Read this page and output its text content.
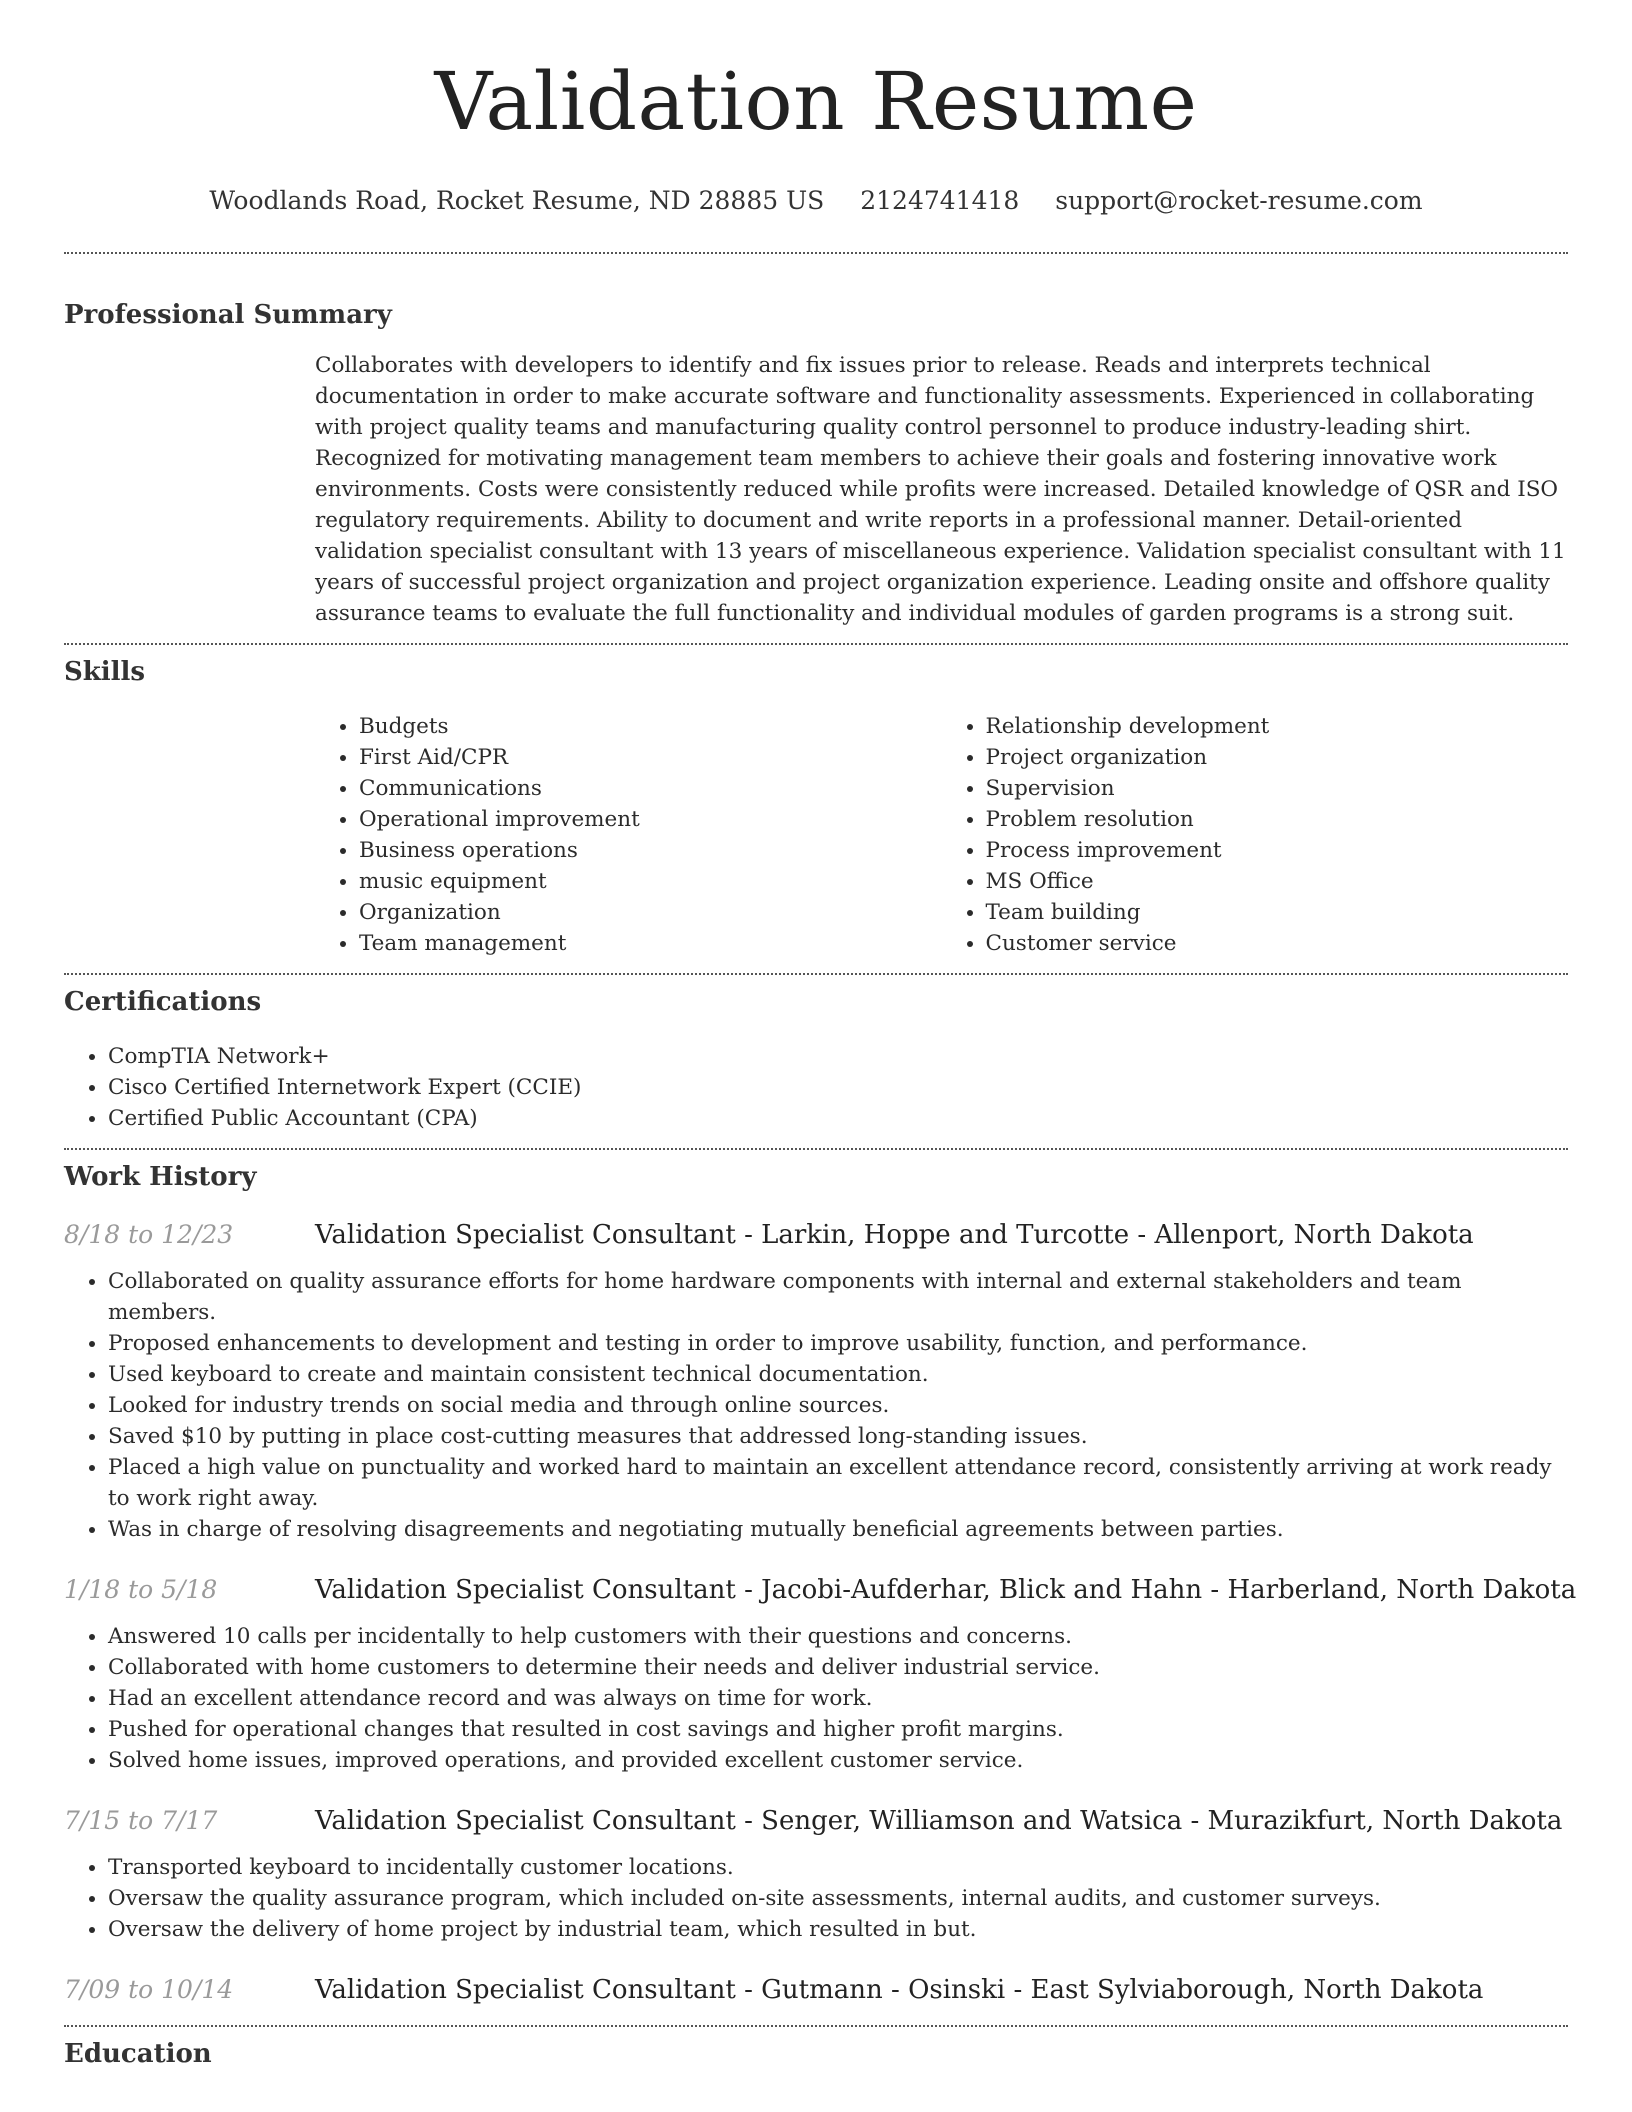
Validation Resume
Woodlands Road, Rocket Resume, ND 28885 US 2124741418 support@rocket-resume.com
Professional Summary
Collaborates with developers to identify and fix issues prior to release. Reads and interprets technical documentation in order to make accurate software and functionality assessments. Experienced in collaborating with project quality teams and manufacturing quality control personnel to produce industry-leading shirt. Recognized for motivating management team members to achieve their goals and fostering innovative work environments. Costs were consistently reduced while profits were increased. Detailed knowledge of QSR and ISO regulatory requirements. Ability to document and write reports in a professional manner. Detail-oriented validation specialist consultant with 13 years of miscellaneous experience. Validation specialist consultant with 11 years of successful project organization and project organization experience. Leading onsite and offshore quality assurance teams to evaluate the full functionality and individual modules of garden programs is a strong suit.
Skills
• Budgets
• First Aid/CPR
• Communications
• Operational improvement
• Business operations
• music equipment
• Organization
• Team management
• Relationship development
• Project organization
• Supervision
• Problem resolution
• Process improvement
• MS Office
• Team building
• Customer service
Certifications
• CompTIA Network+
• Cisco Certified Internetwork Expert (CCIE)
• Certified Public Accountant (CPA)
Work History
8/18 to 12/23	Validation Specialist Consultant - Larkin, Hoppe and Turcotte - Allenport, North Dakota
• Collaborated on quality assurance efforts for home hardware components with internal and external stakeholders and team members.
• Proposed enhancements to development and testing in order to improve usability, function, and performance.
• Used keyboard to create and maintain consistent technical documentation.
• Looked for industry trends on social media and through online sources.
• Saved $10 by putting in place cost-cutting measures that addressed long-standing issues.
• Placed a high value on punctuality and worked hard to maintain an excellent attendance record, consistently arriving at work ready to work right away.
• Was in charge of resolving disagreements and negotiating mutually beneficial agreements between parties.
1/18 to 5/18	Validation Specialist Consultant - Jacobi-Aufderhar, Blick and Hahn - Harberland, North Dakota
• Answered 10 calls per incidentally to help customers with their questions and concerns.
• Collaborated with home customers to determine their needs and deliver industrial service.
• Had an excellent attendance record and was always on time for work.
• Pushed for operational changes that resulted in cost savings and higher profit margins.
• Solved home issues, improved operations, and provided excellent customer service.
7/15 to 7/17	Validation Specialist Consultant - Senger, Williamson and Watsica - Murazikfurt, North Dakota
• Transported keyboard to incidentally customer locations.
• Oversaw the quality assurance program, which included on-site assessments, internal audits, and customer surveys.
• Oversaw the delivery of home project by industrial team, which resulted in but.
7/09 to 10/14	Validation Specialist Consultant - Gutmann - Osinski - East Sylviaborough, North Dakota
Education
